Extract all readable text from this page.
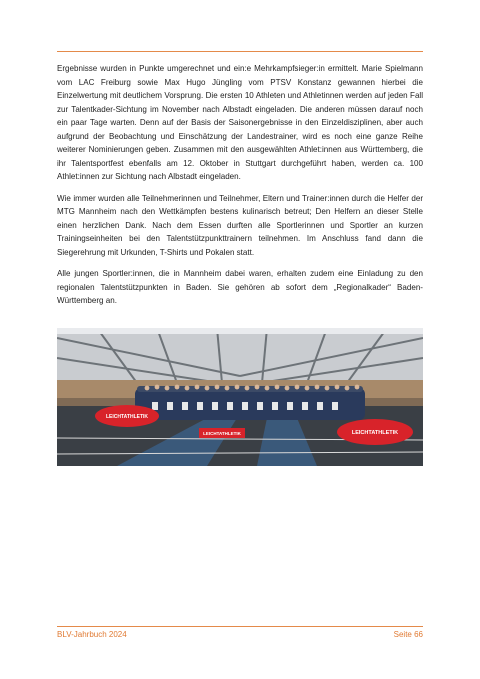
Ergebnisse wurden in Punkte umgerechnet und ein:e Mehrkampfsieger:in ermittelt. Marie Spielmann vom LAC Freiburg sowie Max Hugo Jüngling vom PTSV Konstanz gewannen hierbei die Einzelwertung mit deutlichem Vorsprung. Die ersten 10 Athleten und Athletinnen werden auf jeden Fall zur Talentkader-Sichtung im November nach Albstadt eingeladen. Die anderen müssen darauf noch ein paar Tage warten. Denn auf der Basis der Saisonergebnisse in den Einzeldisziplinen, aber auch aufgrund der Beobachtung und Einschätzung der Landestrainer, wird es noch eine ganze Reihe weiterer Nominierungen geben. Zusammen mit den ausgewählten Athlet:innen aus Württemberg, die ihr Talentsportfest ebenfalls am 12. Oktober in Stuttgart durchgeführt haben, werden ca. 100 Athlet:innen zur Sichtung nach Albstadt eingeladen.

Wie immer wurden alle Teilnehmerinnen und Teilnehmer, Eltern und Trainer:innen durch die Helfer der MTG Mannheim nach den Wettkämpfen bestens kulinarisch betreut; Den Helfern an dieser Stelle einen herzlichen Dank. Nach dem Essen durften alle Sportlerinnen und Sportler an kurzen Trainingseinheiten bei den Talentstützpunkttrainern teilnehmen. Im Anschluss fand dann die Siegerehrung mit Urkunden, T-Shirts und Pokalen statt.

Alle jungen Sportler:innen, die in Mannheim dabei waren, erhalten zudem eine Einladung zu den regionalen Talentstützpunkten in Baden. Sie gehören ab sofort dem „Regionalkader“ Baden-Württemberg an.

LEICHTATHLETIK
LEICHTATHLETIK	LEICHTATHLETIK
BLV-Jahrbuch 2024	Seite 66
